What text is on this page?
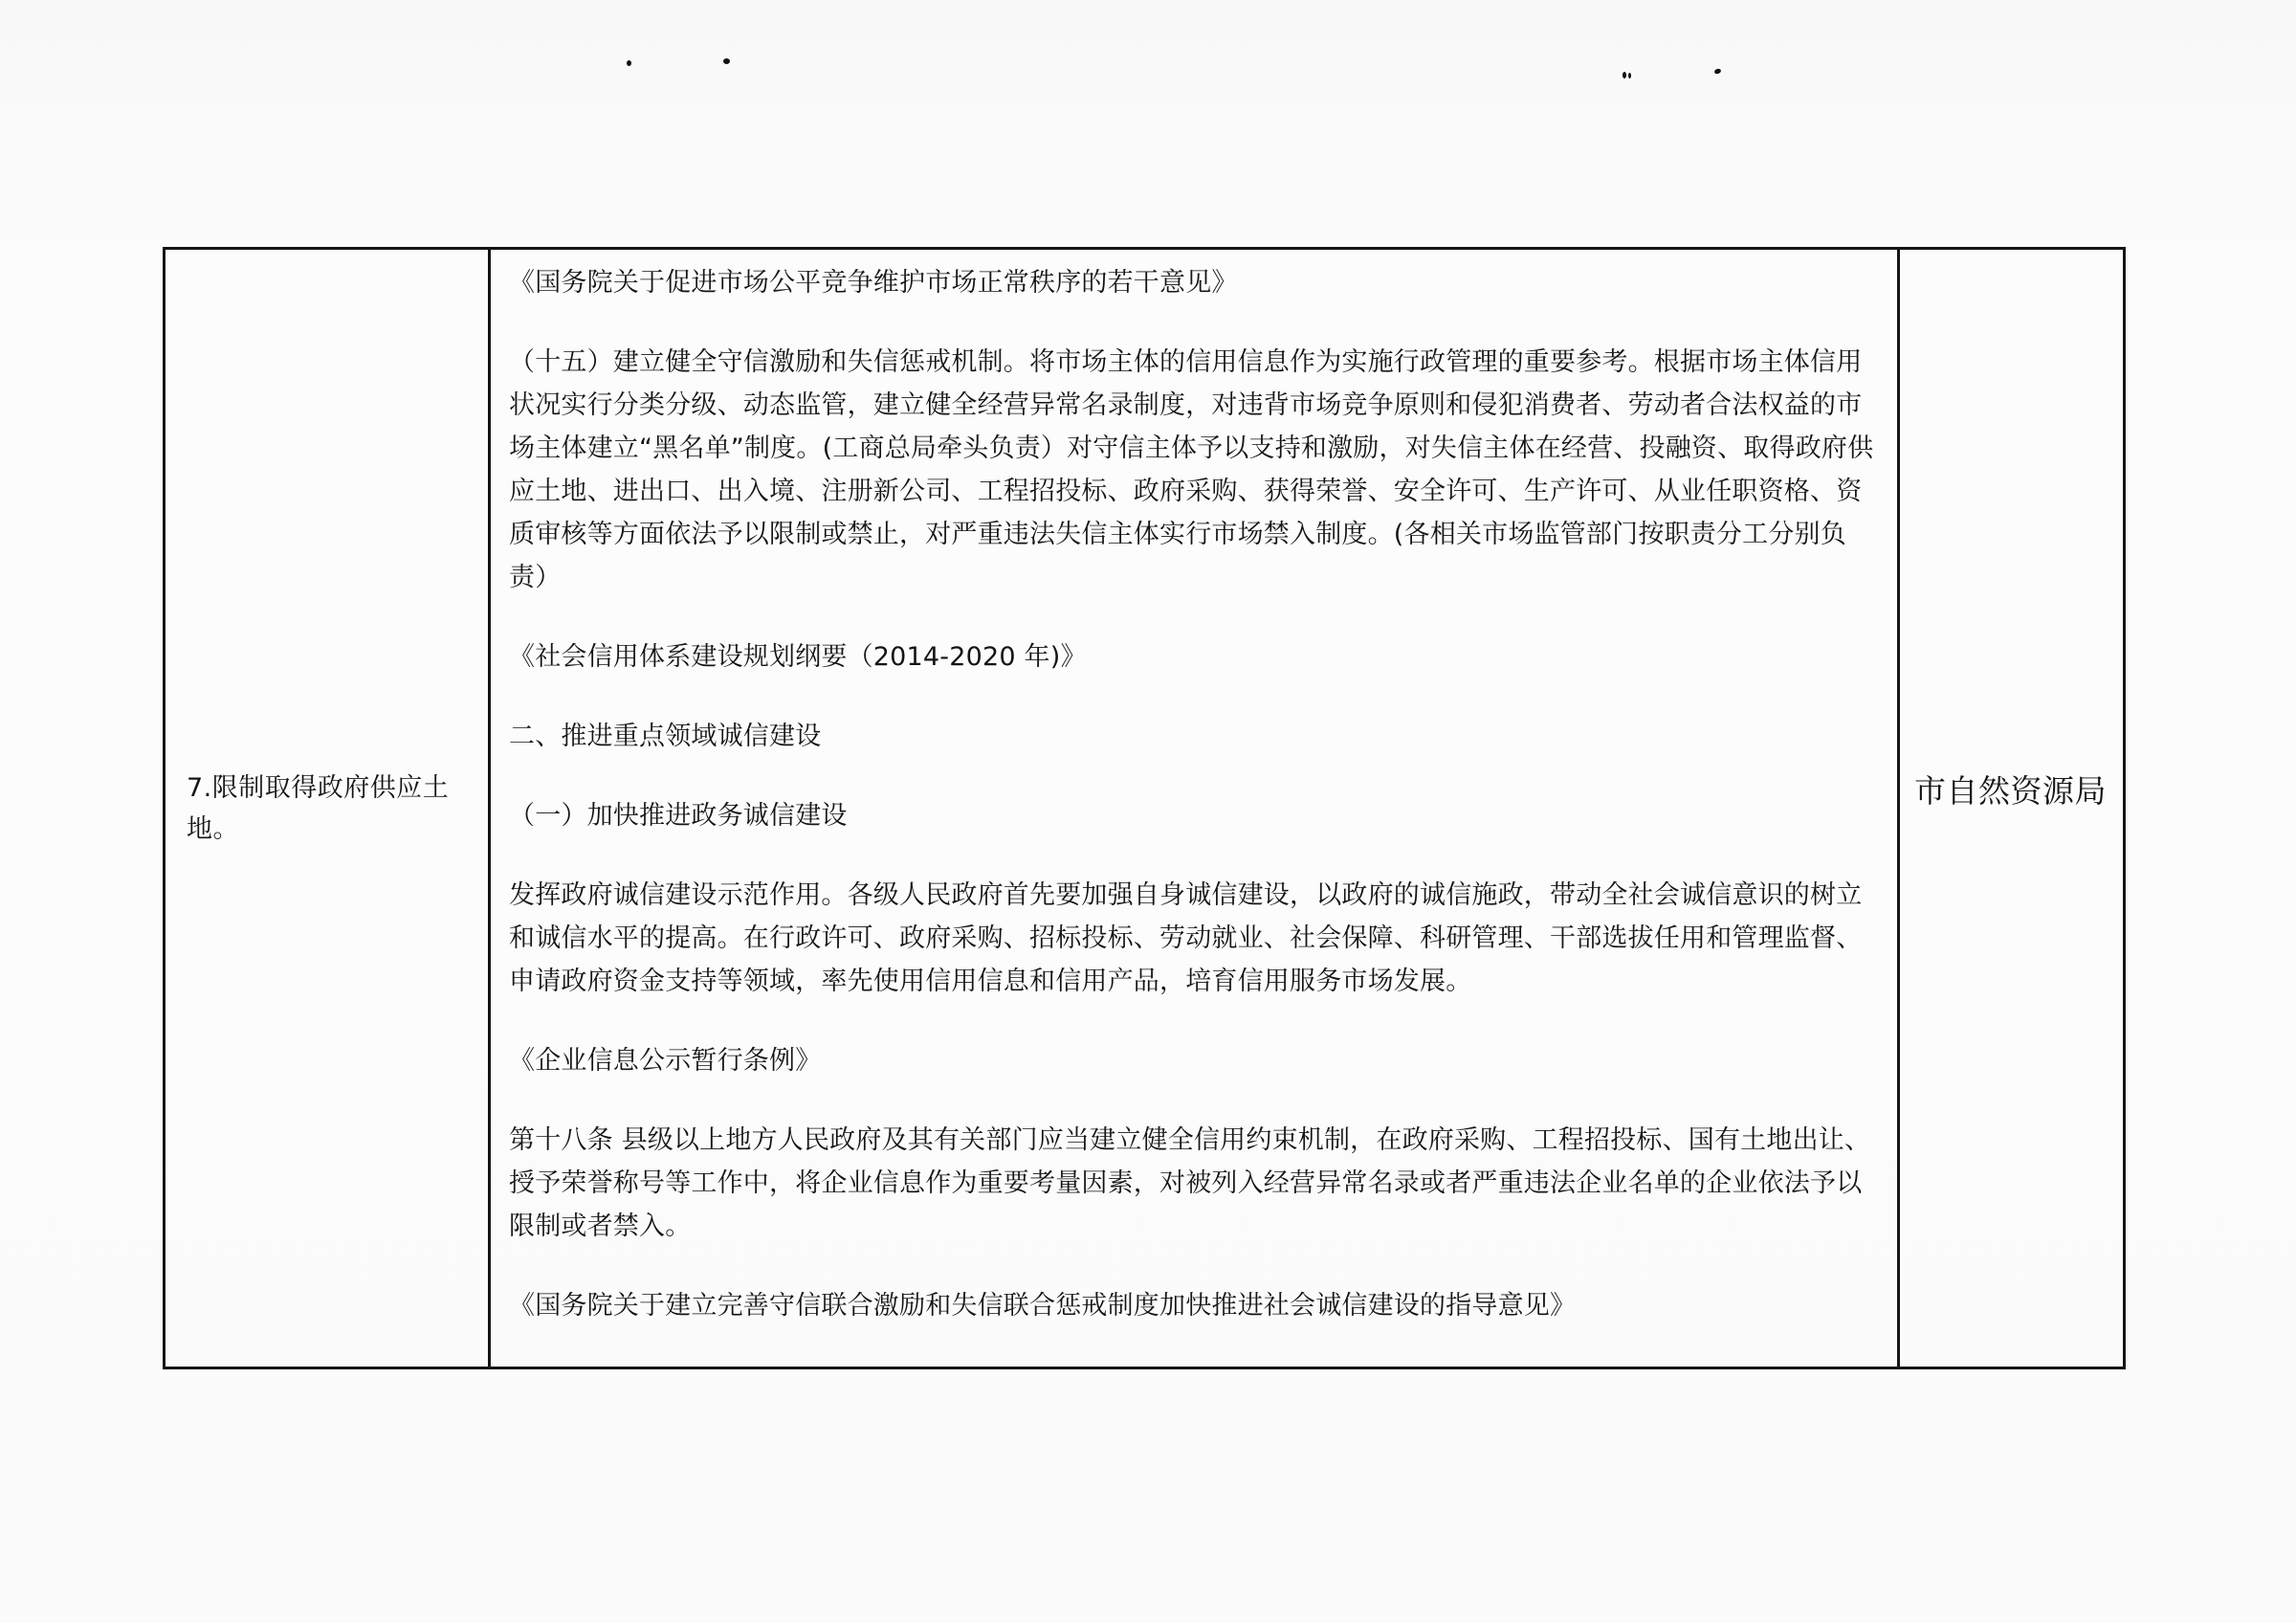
7.限制取得政府供应土地。

《国务院关于促进市场公平竞争维护市场正常秩序的若干意见》

（十五）建立健全守信激励和失信惩戒机制。将市场主体的信用信息作为实施行政管理的重要参考。根据市场主体信用状况实行分类分级、动态监管，建立健全经营异常名录制度，对违背市场竞争原则和侵犯消费者、劳动者合法权益的市场主体建立“黑名单”制度。(工商总局牵头负责）对守信主体予以支持和激励，对失信主体在经营、投融资、取得政府供应土地、进出口、出入境、注册新公司、工程招投标、政府采购、获得荣誉、安全许可、生产许可、从业任职资格、资质审核等方面依法予以限制或禁止，对严重违法失信主体实行市场禁入制度。(各相关市场监管部门按职责分工分别负责）

《社会信用体系建设规划纲要（2014-2020 年)》

二、推进重点领域诚信建设

（一）加快推进政务诚信建设

发挥政府诚信建设示范作用。各级人民政府首先要加强自身诚信建设，以政府的诚信施政，带动全社会诚信意识的树立和诚信水平的提高。在行政许可、政府采购、招标投标、劳动就业、社会保障、科研管理、干部选拔任用和管理监督、申请政府资金支持等领域，率先使用信用信息和信用产品，培育信用服务市场发展。

《企业信息公示暂行条例》

第十八条 县级以上地方人民政府及其有关部门应当建立健全信用约束机制，在政府采购、工程招投标、国有土地出让、授予荣誉称号等工作中，将企业信息作为重要考量因素，对被列入经营异常名录或者严重违法企业名单的企业依法予以限制或者禁入。

《国务院关于建立完善守信联合激励和失信联合惩戒制度加快推进社会诚信建设的指导意见》

市自然资源局
